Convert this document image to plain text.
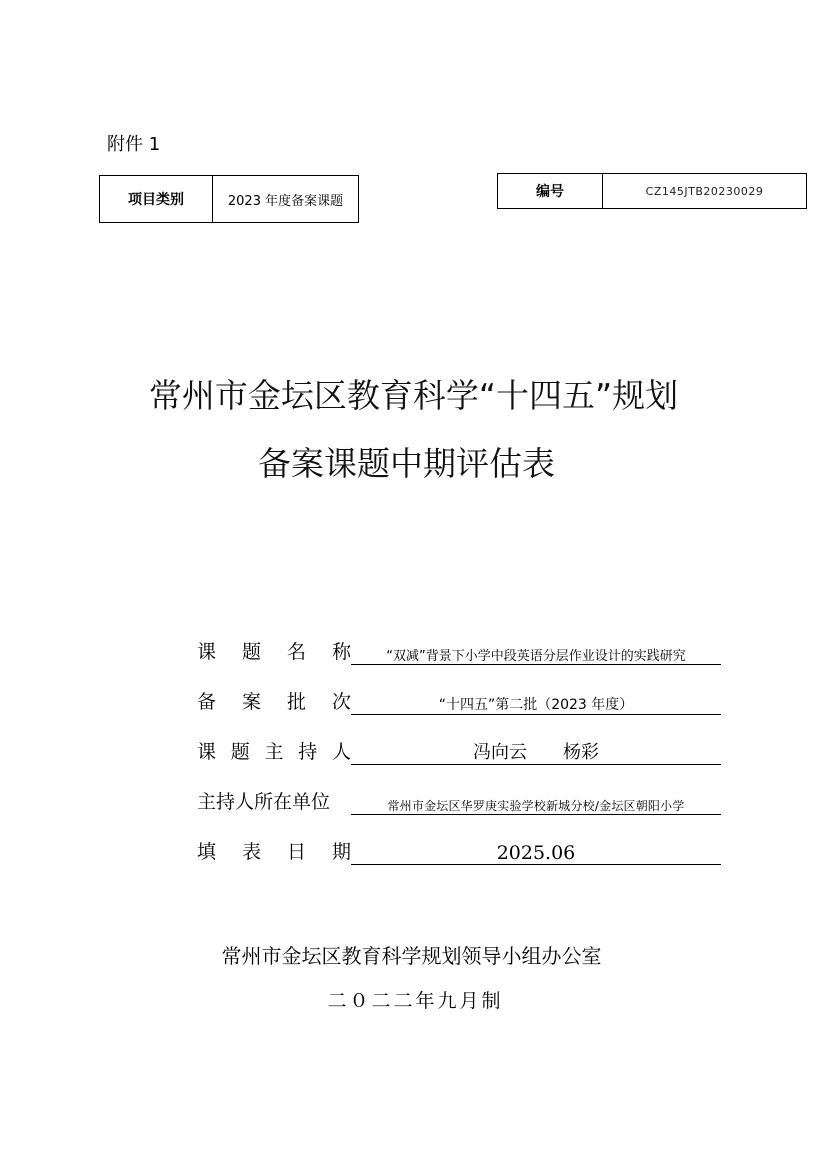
附件 1
项目类别	2023 年度备案课题
编号	CZ145JTB20230029
常州市金坛区教育科学“十四五”规划
备案课题中期评估表
课 题 名 称	“双减”背景下小学中段英语分层作业设计的实践研究
备 案 批 次	“十四五”第二批（2023 年度）
课 题 主 持 人	冯向云　　杨彩
主持人所在单位	常州市金坛区华罗庚实验学校新城分校/金坛区朝阳小学
填 表 日 期	2025.06
常州市金坛区教育科学规划领导小组办公室
二０二二年九月制
